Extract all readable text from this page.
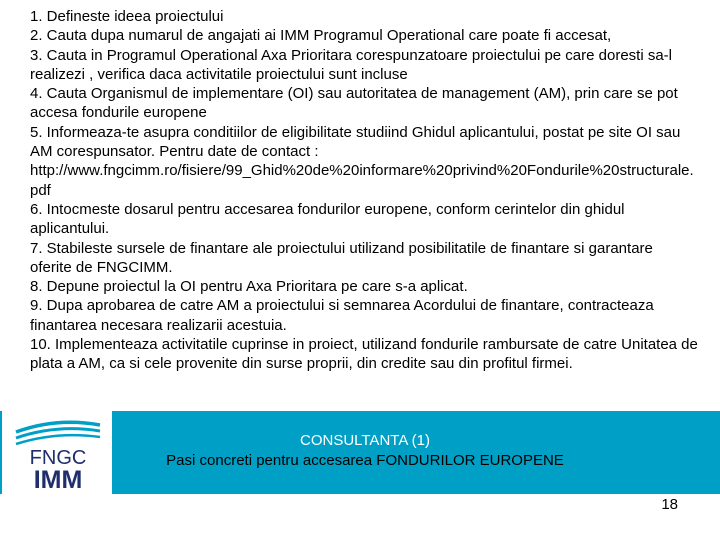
1. Defineste ideea proiectului

2. Cauta dupa numarul de angajati ai IMM Programul Operational care poate fi accesat,

3. Cauta in Programul Operational Axa Prioritara corespunzatoare proiectului pe care doresti sa-l realizezi , verifica daca activitatile proiectului sunt incluse

4. Cauta Organismul de implementare (OI) sau autoritatea de management (AM), prin care se pot accesa fondurile europene

5. Informeaza-te asupra conditiilor de eligibilitate studiind Ghidul aplicantului, postat pe site OI sau AM corespunsator. Pentru date de contact :

http://www.fngcimm.ro/fisiere/99_Ghid%20de%20informare%20privind%20Fondurile%20structurale.pdf

6. Intocmeste dosarul pentru accesarea fondurilor europene, conform cerintelor din ghidul aplicantului.

7. Stabileste sursele de finantare ale proiectului utilizand posibilitatile de finantare si garantare oferite de FNGCIMM.

8. Depune proiectul la OI pentru Axa Prioritara pe care s-a aplicat.

9. Dupa aprobarea de catre AM a proiectului si semnarea Acordului de finantare, contracteaza finantarea necesara realizarii acestuia.

10. Implementeaza activitatile cuprinse in proiect, utilizand fondurile rambursate de catre Unitatea de plata a AM, ca si cele provenite din surse proprii, din credite sau din profitul firmei.

FNGC
IMM
CONSULTANTA (1)
Pasi concreti pentru accesarea FONDURILOR EUROPENE
18
